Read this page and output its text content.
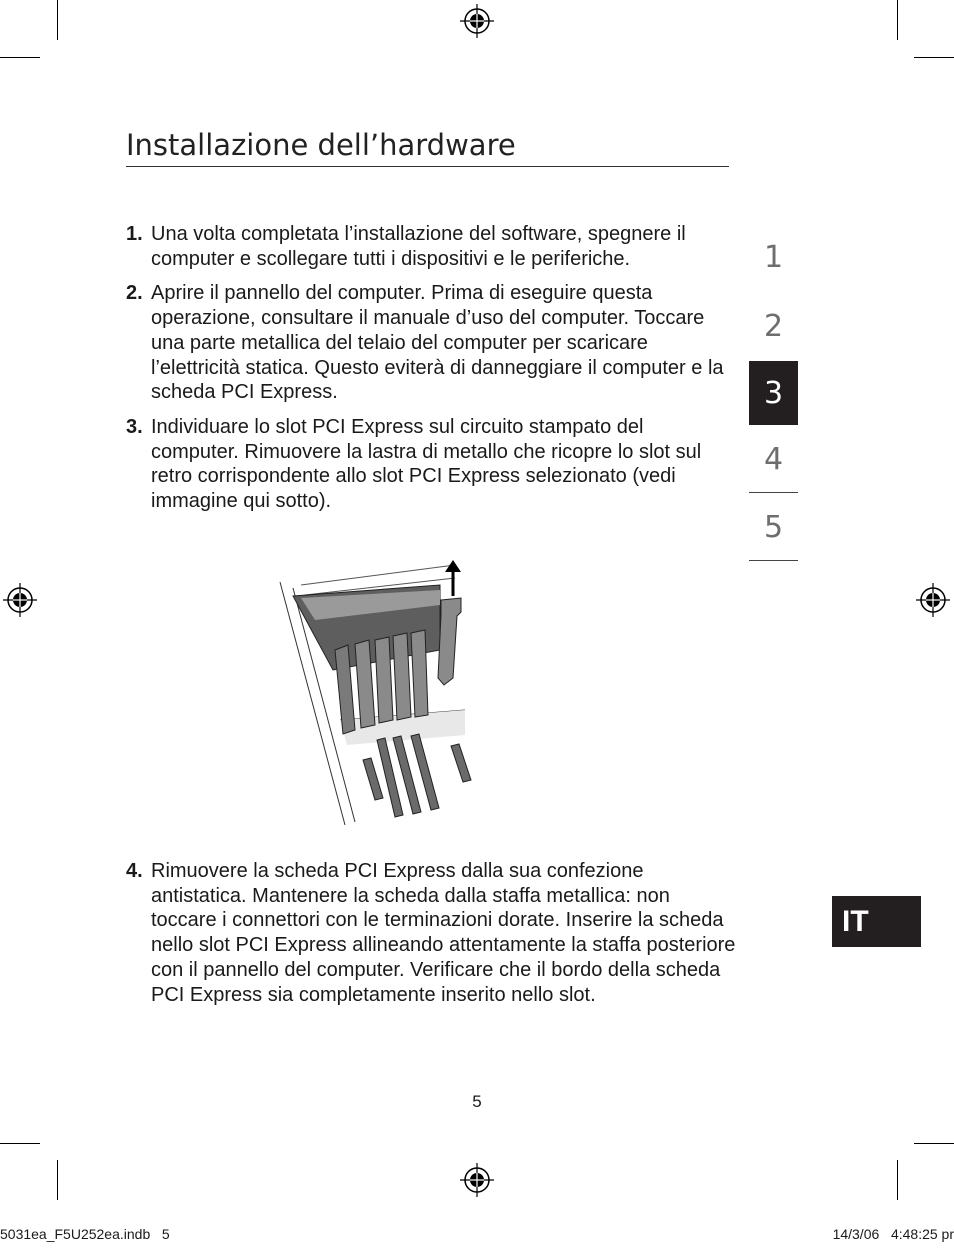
Installazione dell’hardware
1. Una volta completata l’installazione del software, spegnere il computer e scollegare tutti i dispositivi e le periferiche.
2. Aprire il pannello del computer. Prima di eseguire questa operazione, consultare il manuale d’uso del computer. Toccare una parte metallica del telaio del computer per scaricare l’elettricità statica. Questo eviterà di danneggiare il computer e la scheda PCI Express.
3. Individuare lo slot PCI Express sul circuito stampato del computer. Rimuovere la lastra di metallo che ricopre lo slot sul retro corrispondente allo slot PCI Express selezionato (vedi immagine qui sotto).
4. Rimuovere la scheda PCI Express dalla sua confezione antistatica. Mantenere la scheda dalla staffa metallica: non toccare i connettori con le terminazioni dorate. Inserire la scheda nello slot PCI Express allineando attentamente la staffa posteriore con il pannello del computer. Verificare che il bordo della scheda PCI Express sia completamente inserito nello slot.
1
2
3
4
5
IT
5
5031ea_F5U252ea.indb   5	14/3/06   4:48:25 pr
